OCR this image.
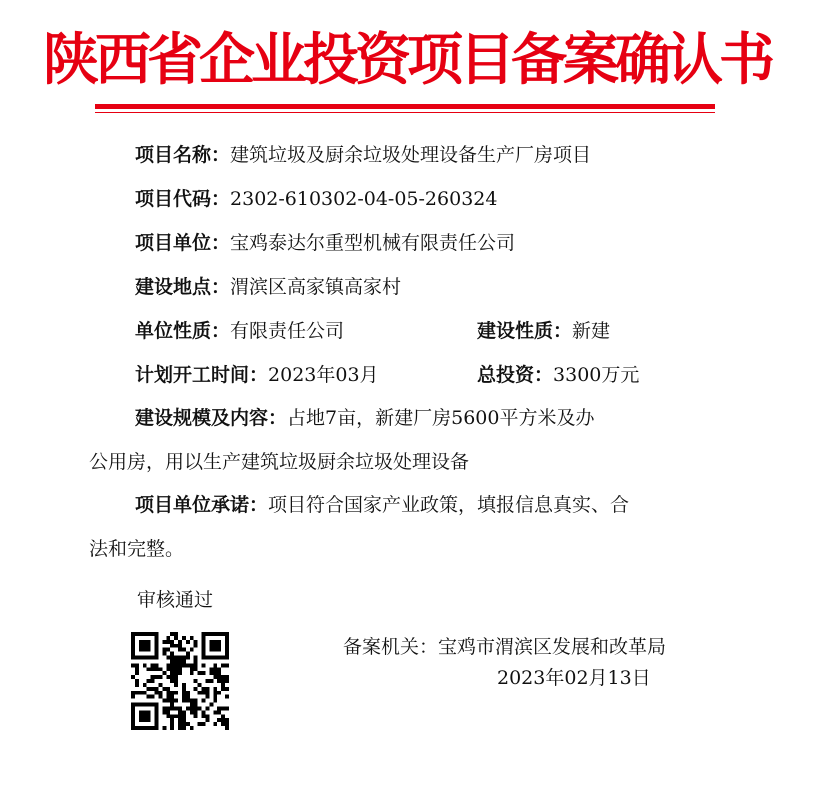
陕西省企业投资项目备案确认书
项目名称：建筑垃圾及厨余垃圾处理设备生产厂房项目
项目代码：2302-610302-04-05-260324
项目单位：宝鸡泰达尔重型机械有限责任公司
建设地点：渭滨区高家镇高家村
单位性质：有限责任公司	建设性质：新建
计划开工时间：2023年03月	总投资：3300万元
建设规模及内容：占地7亩，新建厂房5600平方米及办
公用房，用以生产建筑垃圾厨余垃圾处理设备
项目单位承诺：项目符合国家产业政策，填报信息真实、合
法和完整。
审核通过
备案机关：宝鸡市渭滨区发展和改革局
2023年02月13日
